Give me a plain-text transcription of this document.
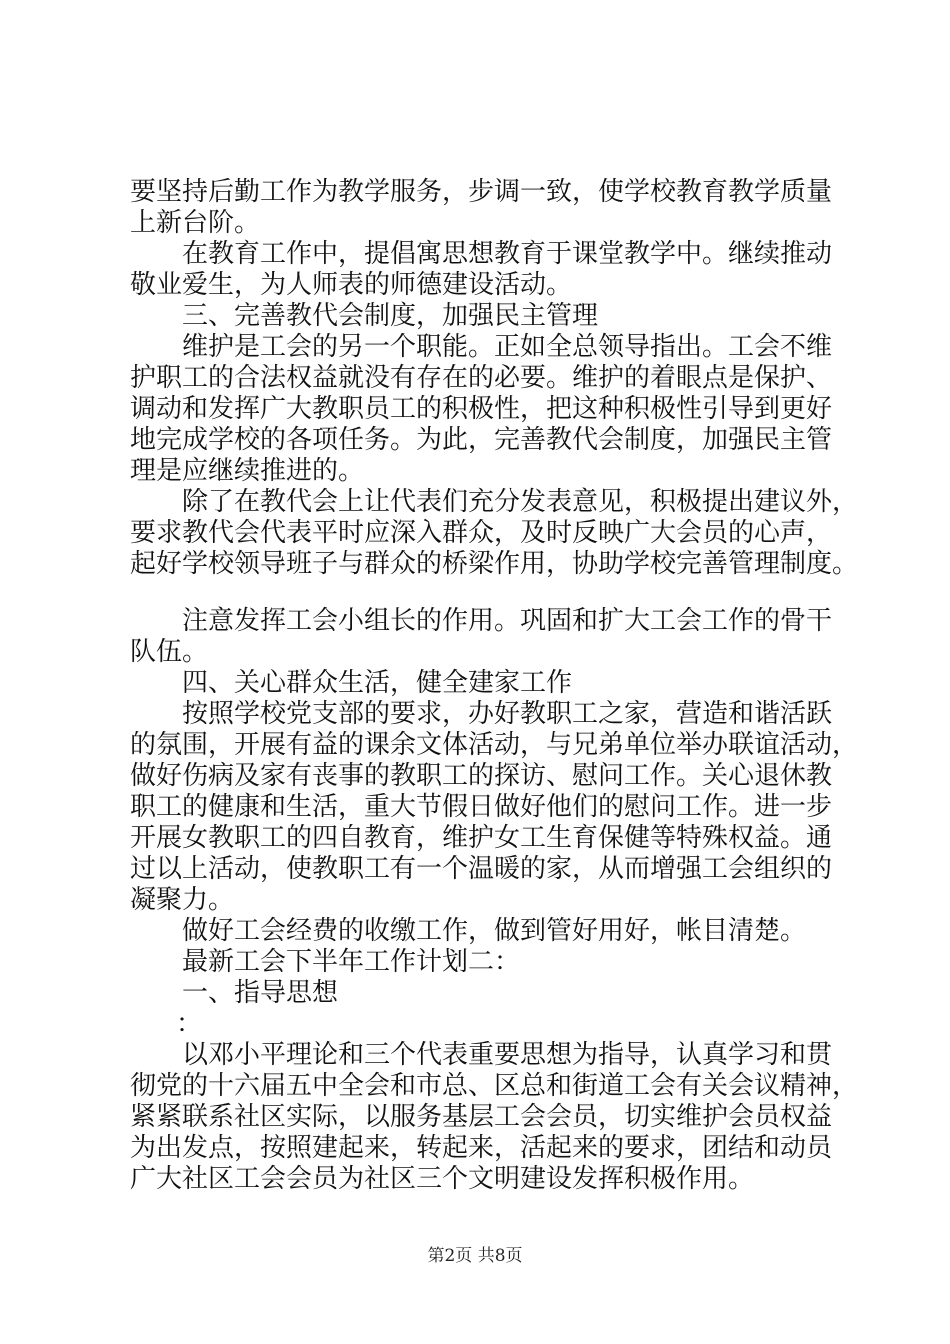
要坚持后勤工作为教学服务，步调一致，使学校教育教学质量
上新台阶。
在教育工作中，提倡寓思想教育于课堂教学中。继续推动
敬业爱生，为人师表的师德建设活动。
三、完善教代会制度，加强民主管理
维护是工会的另一个职能。正如全总领导指出。工会不维
护职工的合法权益就没有存在的必要。维护的着眼点是保护、
调动和发挥广大教职员工的积极性，把这种积极性引导到更好
地完成学校的各项任务。为此，完善教代会制度，加强民主管
理是应继续推进的。
除了在教代会上让代表们充分发表意见，积极提出建议外，
要求教代会代表平时应深入群众，及时反映广大会员的心声，
起好学校领导班子与群众的桥梁作用，协助学校完善管理制度。
注意发挥工会小组长的作用。巩固和扩大工会工作的骨干
队伍。
四、关心群众生活，健全建家工作
按照学校党支部的要求，办好教职工之家，营造和谐活跃
的氛围，开展有益的课余文体活动，与兄弟单位举办联谊活动，
做好伤病及家有丧事的教职工的探访、慰问工作。关心退休教
职工的健康和生活，重大节假日做好他们的慰问工作。进一步
开展女教职工的四自教育，维护女工生育保健等特殊权益。通
过以上活动，使教职工有一个温暖的家，从而增强工会组织的
凝聚力。
做好工会经费的收缴工作，做到管好用好，帐目清楚。
最新工会下半年工作计划二：
一、指导思想
：
以邓小平理论和三个代表重要思想为指导，认真学习和贯
彻党的十六届五中全会和市总、区总和街道工会有关会议精神，
紧紧联系社区实际，以服务基层工会会员，切实维护会员权益
为出发点，按照建起来，转起来，活起来的要求，团结和动员
广大社区工会会员为社区三个文明建设发挥积极作用。
第2页 共8页
